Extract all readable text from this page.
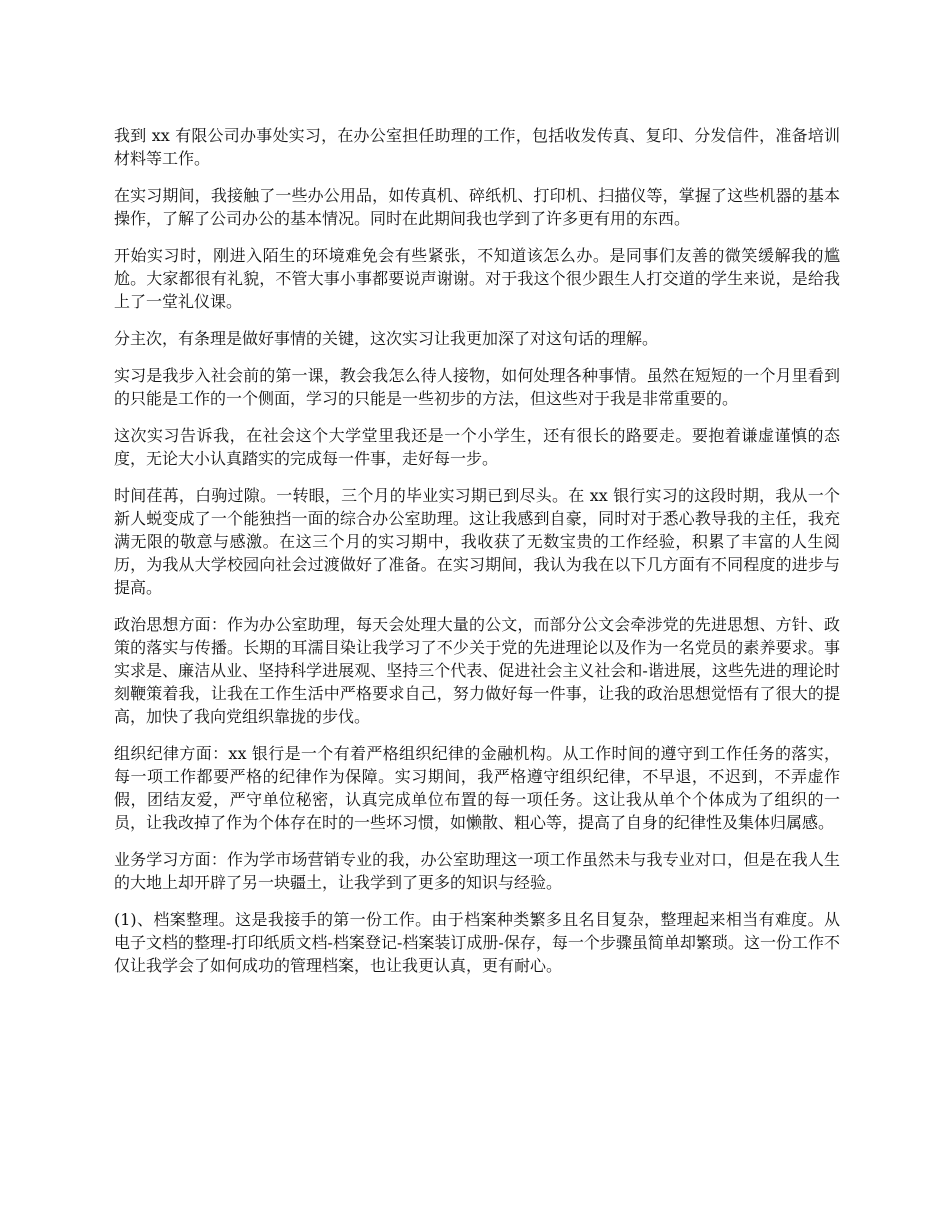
我到 xx 有限公司办事处实习，在办公室担任助理的工作，包括收发传真、复印、分发信件，准备培训材料等工作。

在实习期间，我接触了一些办公用品，如传真机、碎纸机、打印机、扫描仪等，掌握了这些机器的基本操作，了解了公司办公的基本情况。同时在此期间我也学到了许多更有用的东西。

开始实习时，刚进入陌生的环境难免会有些紧张，不知道该怎么办。是同事们友善的微笑缓解我的尴尬。大家都很有礼貌，不管大事小事都要说声谢谢。对于我这个很少跟生人打交道的学生来说，是给我上了一堂礼仪课。

分主次，有条理是做好事情的关键，这次实习让我更加深了对这句话的理解。

实习是我步入社会前的第一课，教会我怎么待人接物，如何处理各种事情。虽然在短短的一个月里看到的只能是工作的一个侧面，学习的只能是一些初步的方法，但这些对于我是非常重要的。

这次实习告诉我，在社会这个大学堂里我还是一个小学生，还有很长的路要走。要抱着谦虚谨慎的态度，无论大小认真踏实的完成每一件事，走好每一步。

时间荏苒，白驹过隙。一转眼，三个月的毕业实习期已到尽头。在 xx 银行实习的这段时期，我从一个新人蜕变成了一个能独挡一面的综合办公室助理。这让我感到自豪，同时对于悉心教导我的主任，我充满无限的敬意与感激。在这三个月的实习期中，我收获了无数宝贵的工作经验，积累了丰富的人生阅历，为我从大学校园向社会过渡做好了准备。在实习期间，我认为我在以下几方面有不同程度的进步与提高。

政治思想方面：作为办公室助理，每天会处理大量的公文，而部分公文会牵涉党的先进思想、方针、政策的落实与传播。长期的耳濡目染让我学习了不少关于党的先进理论以及作为一名党员的素养要求。事实求是、廉洁从业、坚持科学进展观、坚持三个代表、促进社会主义社会和-谐进展，这些先进的理论时刻鞭策着我，让我在工作生活中严格要求自己，努力做好每一件事，让我的政治思想觉悟有了很大的提高，加快了我向党组织靠拢的步伐。

组织纪律方面：xx 银行是一个有着严格组织纪律的金融机构。从工作时间的遵守到工作任务的落实，每一项工作都要严格的纪律作为保障。实习期间，我严格遵守组织纪律，不早退，不迟到，不弄虚作假，团结友爱，严守单位秘密，认真完成单位布置的每一项任务。这让我从单个个体成为了组织的一员，让我改掉了作为个体存在时的一些坏习惯，如懒散、粗心等，提高了自身的纪律性及集体归属感。

业务学习方面：作为学市场营销专业的我，办公室助理这一项工作虽然未与我专业对口，但是在我人生的大地上却开辟了另一块疆土，让我学到了更多的知识与经验。

(1)、档案整理。这是我接手的第一份工作。由于档案种类繁多且名目复杂，整理起来相当有难度。从电子文档的整理-打印纸质文档-档案登记-档案装订成册-保存，每一个步骤虽简单却繁琐。这一份工作不仅让我学会了如何成功的管理档案，也让我更认真，更有耐心。
